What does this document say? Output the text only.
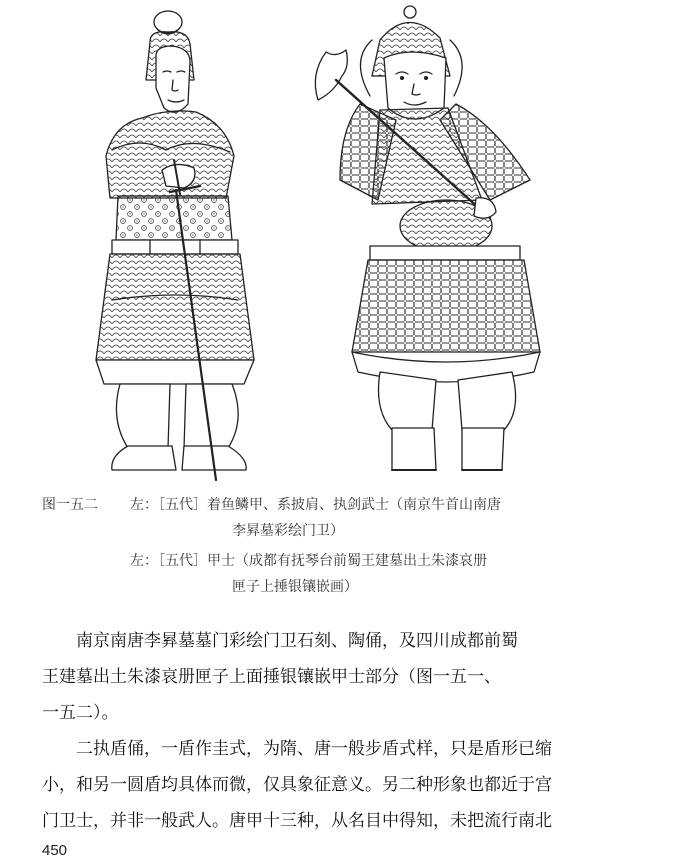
图一五二 左：［五代］着鱼鳞甲、系披肩、执剑武士（南京牛首山南唐
李昪墓彩绘门卫）
左：［五代］甲士（成都有抚琴台前蜀王建墓出土朱漆哀册
匣子上捶银镶嵌画）
南京南唐李昪墓墓门彩绘门卫石刻、陶俑，及四川成都前蜀
王建墓出土朱漆哀册匣子上面捶银镶嵌甲士部分（图一五一、
一五二）。
二执盾俑，一盾作圭式，为隋、唐一般步盾式样，只是盾形已缩
小，和另一圆盾均具体而微，仅具象征意义。另二种形象也都近于宫
门卫士，并非一般武人。唐甲十三种，从名目中得知，未把流行南北
450
